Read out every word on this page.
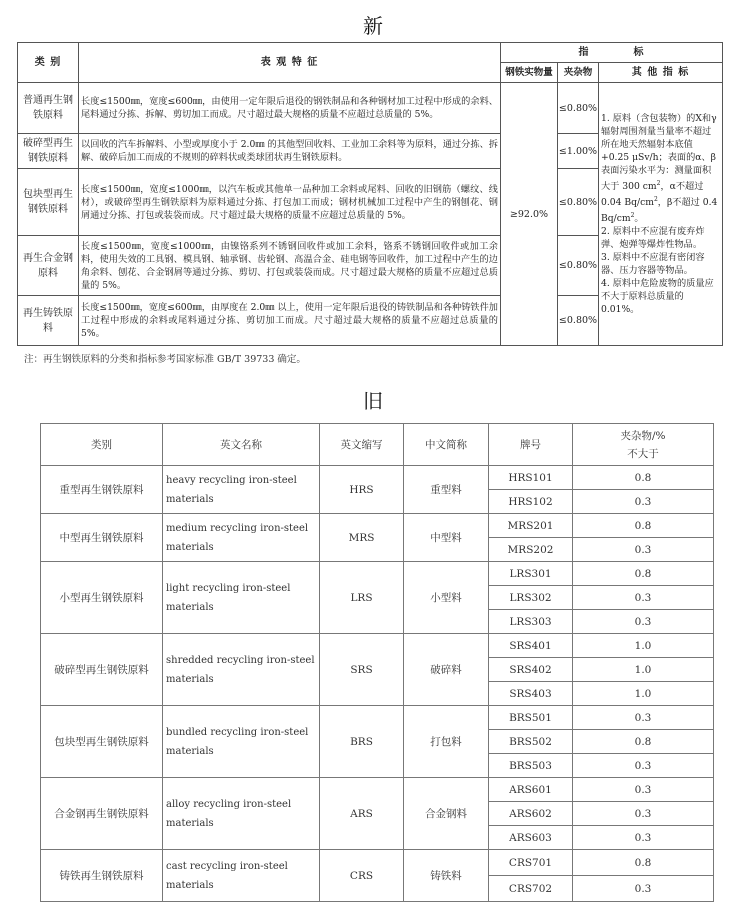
新
类 别	表 观 特 征	指　　　　标		
		钢铁实物量	夹杂物	其 他 指 标
普通再生钢铁原料	长度≤1500㎜，宽度≤600㎜，由使用一定年限后退役的钢铁制品和各种钢材加工过程中形成的余料、尾料通过分拣、拆解、剪切加工而成。尺寸超过最大规格的质量不应超过总质量的 5%。	≥92.0%	≤0.80%	1. 原料（含包装物）的X和γ辐射周围剂量当量率不超过所在地天然辐射本底值+0.25 μSv/h；表面的α、β表面污染水平为：测量面积大于 300 $cm^2$，α不超过 0.04 $Bq/cm^2$，β不超过 0.4 $Bq/cm^2$。
2. 原料中不应混有废弃炸弹、炮弹等爆炸性物品。
3. 原料中不应混有密闭容器、压力容器等物品。
4. 原料中危险废物的质量应不大于原料总质量的 0.01%。

破碎型再生钢铁原料	以回收的汽车拆解料、小型或厚度小于 2.0㎜ 的其他型回收料、工业加工余料等为原料，通过分拣、拆解、破碎后加工而成的不规则的碎料状或类球团状再生钢铁原料。		≤1.00%	
包块型再生钢铁原料	长度≤1500㎜，宽度≤1000㎜，以汽车板或其他单一品种加工余料或尾料、回收的旧钢筋（螺纹、线材），或破碎型再生钢铁原料为原料通过分拣、打包加工而成；钢材机械加工过程中产生的钢刨花、钢屑通过分拣、打包或装袋而成。尺寸超过最大规格的质量不应超过总质量的 5%。		≤0.80%	
再生合金钢原料	长度≤1500㎜，宽度≤1000㎜，由镍铬系列不锈钢回收件或加工余料，铬系不锈钢回收件或加工余料，使用失效的工具钢、模具钢、轴承钢、齿轮钢、高温合金、硅电钢等回收件，加工过程中产生的边角余料、刨花、合金钢屑等通过分拣、剪切、打包或装袋而成。尺寸超过最大规格的质量不应超过总质量的 5%。		≤0.80%	
再生铸铁原料	长度≤1500㎜，宽度≤600㎜，由厚度在 2.0㎜ 以上，使用一定年限后退役的铸铁制品和各种铸铁件加工过程中形成的余料或尾料通过分拣、剪切加工而成。尺寸超过最大规格的质量不应超过总质量的 5%。		≤0.80%	
注：再生钢铁原料的分类和指标参考国家标准 GB/T 39733 确定。
旧
类别	英文名称	英文缩写	中文简称	牌号	夹杂物/%
不大于

重型再生钢铁原料	heavy recycling iron-steel materials	HRS	重型料	HRS101	0.8
				HRS102	0.3
中型再生钢铁原料	medium recycling iron-steel materials	MRS	中型料	MRS201	0.8
				MRS202	0.3
小型再生钢铁原料	light recycling iron-steel materials	LRS	小型料	LRS301	0.8
				LRS302	0.3
				LRS303	0.3
破碎型再生钢铁原料	shredded recycling iron-steel materials	SRS	破碎料	SRS401	1.0
				SRS402	1.0
				SRS403	1.0
包块型再生钢铁原料	bundled recycling iron-steel materials	BRS	打包料	BRS501	0.3
				BRS502	0.8
				BRS503	0.3
合金钢再生钢铁原料	alloy recycling iron-steel materials	ARS	合金钢料	ARS601	0.3
				ARS602	0.3
				ARS603	0.3
铸铁再生钢铁原料	cast recycling iron-steel materials	CRS	铸铁料	CRS701	0.8
				CRS702	0.3
